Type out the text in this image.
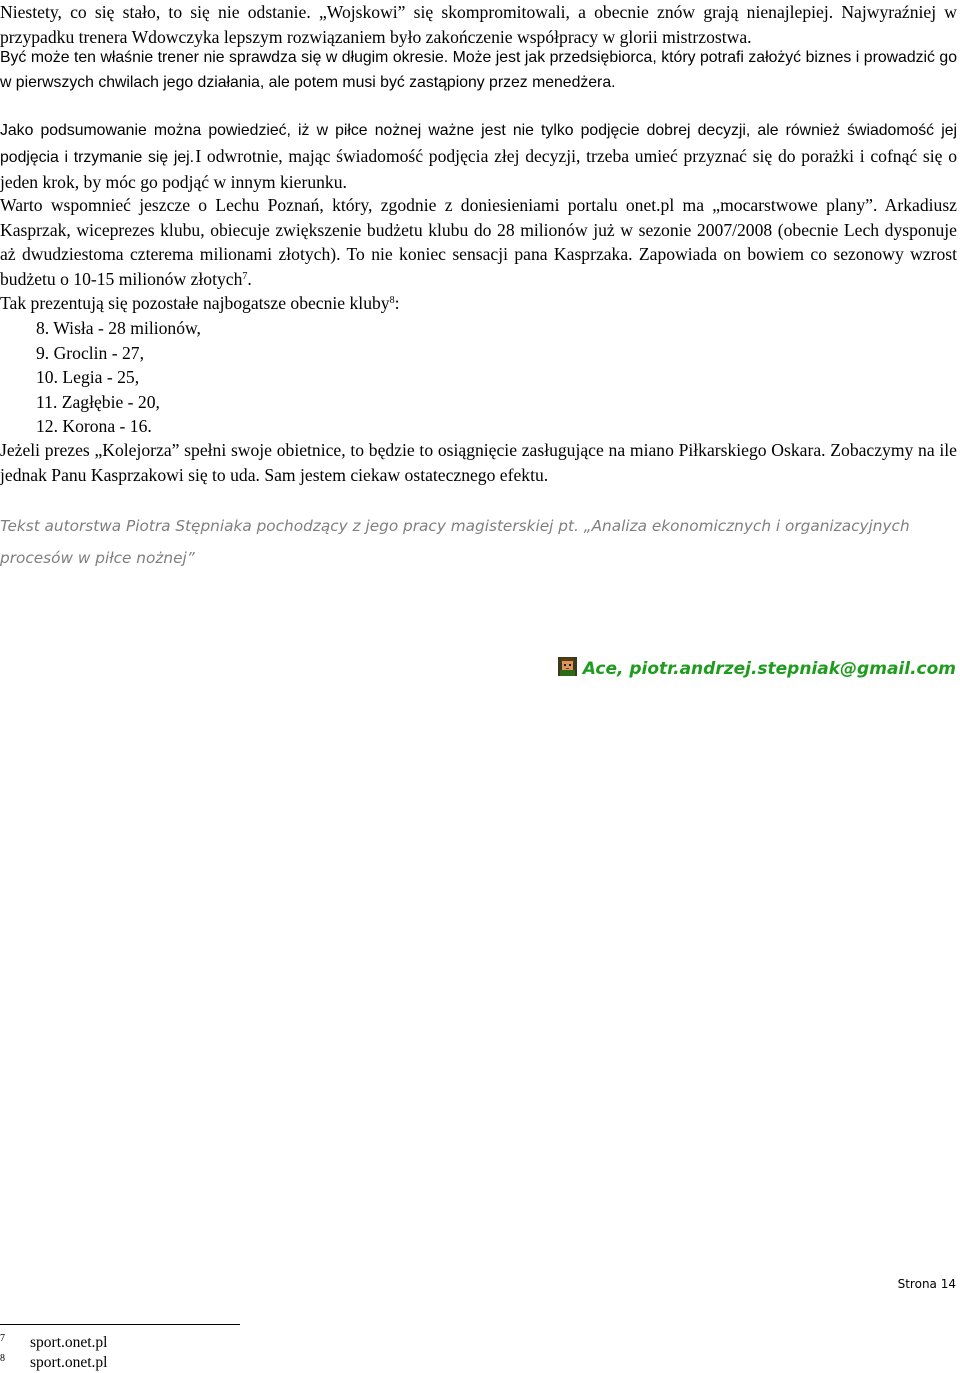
Niestety, co się stało, to się nie odstanie. „Wojskowi” się skompromitowali, a obecnie znów grają nienajlepiej. Najwyraźniej w przypadku trenera Wdowczyka lepszym rozwiązaniem było zakończenie współpracy w glorii mistrzostwa.

Być może ten właśnie trener nie sprawdza się w długim okresie. Może jest jak przedsiębiorca, który potrafi założyć biznes i prowadzić go w pierwszych chwilach jego działania, ale potem musi być zastąpiony przez menedżera.

Jako podsumowanie można powiedzieć, iż w piłce nożnej ważne jest nie tylko podjęcie dobrej decyzji, ale również świadomość jej podjęcia i trzymanie się jej. I odwrotnie, mając świadomość podjęcia złej decyzji, trzeba umieć przyznać się do porażki i cofnąć się o jeden krok, by móc go podjąć w innym kierunku.

Warto wspomnieć jeszcze o Lechu Poznań, który, zgodnie z doniesieniami portalu onet.pl ma „mocarstwowe plany”. Arkadiusz Kasprzak, wiceprezes klubu, obiecuje zwiększenie budżetu klubu do 28 milionów już w sezonie 2007/2008 (obecnie Lech dysponuje aż dwudziestoma czterema milionami złotych). To nie koniec sensacji pana Kasprzaka. Zapowiada on bowiem co sezonowy wzrost budżetu o 10-15 milionów złotych$^7$.
Tak prezentują się pozostałe najbogatsze obecnie kluby$^8$:

8. Wisła - 28 milionów,
9. Groclin - 27,
10. Legia - 25,
11. Zagłębie - 20,
12. Korona - 16.

Jeżeli prezes „Kolejorza” spełni swoje obietnice, to będzie to osiągnięcie zasługujące na miano Piłkarskiego Oskara. Zobaczymy na ile jednak Panu Kasprzakowi się to uda. Sam jestem ciekaw ostatecznego efektu.

Tekst autorstwa Piotra Stępniaka pochodzący z jego pracy magisterskiej pt. „Analiza ekonomicznych i organizacyjnych procesów w piłce nożnej”

Ace, piotr.andrzej.stepniak@gmail.com
Strona 14
7 sport.onet.pl
8 sport.onet.pl
